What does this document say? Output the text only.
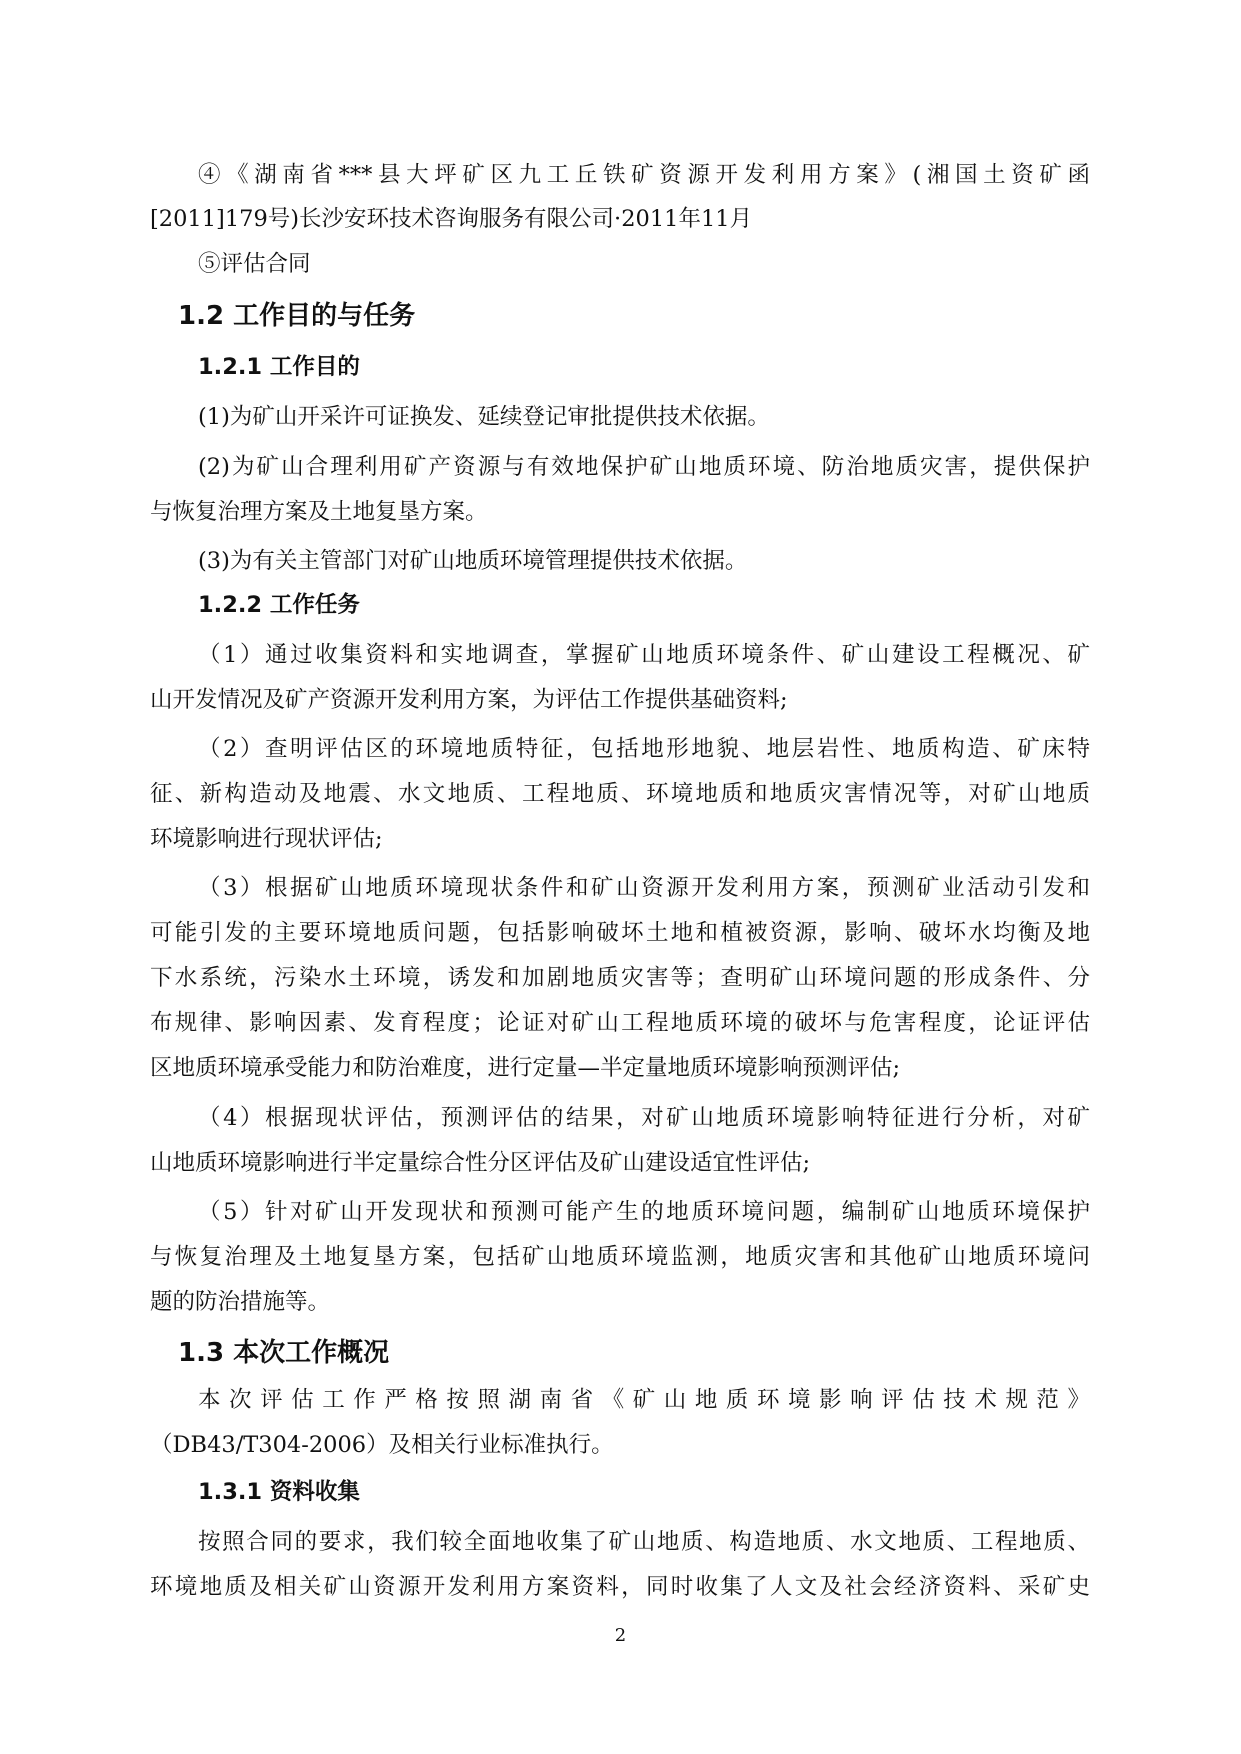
④《湖南省***县大坪矿区九工丘铁矿资源开发利用方案》(湘国土资矿函
[2011]179号)长沙安环技术咨询服务有限公司·2011年11月
⑤评估合同
1.2 工作目的与任务
1.2.1 工作目的
(1)为矿山开采许可证换发、延续登记审批提供技术依据。
(2)为矿山合理利用矿产资源与有效地保护矿山地质环境、防治地质灾害，提供保护
与恢复治理方案及土地复垦方案。
(3)为有关主管部门对矿山地质环境管理提供技术依据。
1.2.2 工作任务
（1）通过收集资料和实地调查，掌握矿山地质环境条件、矿山建设工程概况、矿
山开发情况及矿产资源开发利用方案，为评估工作提供基础资料;
（2）查明评估区的环境地质特征，包括地形地貌、地层岩性、地质构造、矿床特
征、新构造动及地震、水文地质、工程地质、环境地质和地质灾害情况等，对矿山地质
环境影响进行现状评估;
（3）根据矿山地质环境现状条件和矿山资源开发利用方案，预测矿业活动引发和
可能引发的主要环境地质问题，包括影响破坏土地和植被资源，影响、破坏水均衡及地
下水系统，污染水土环境，诱发和加剧地质灾害等；查明矿山环境问题的形成条件、分
布规律、影响因素、发育程度；论证对矿山工程地质环境的破坏与危害程度，论证评估
区地质环境承受能力和防治难度，进行定量—半定量地质环境影响预测评估;
（4）根据现状评估，预测评估的结果，对矿山地质环境影响特征进行分析，对矿
山地质环境影响进行半定量综合性分区评估及矿山建设适宜性评估;
（5）针对矿山开发现状和预测可能产生的地质环境问题，编制矿山地质环境保护
与恢复治理及土地复垦方案，包括矿山地质环境监测，地质灾害和其他矿山地质环境问
题的防治措施等。
1.3 本次工作概况
本次评估工作严格按照湖南省《矿山地质环境影响评估技术规范》
（DB43/T304-2006）及相关行业标准执行。
1.3.1 资料收集
按照合同的要求，我们较全面地收集了矿山地质、构造地质、水文地质、工程地质、
环境地质及相关矿山资源开发利用方案资料，同时收集了人文及社会经济资料、采矿史
2
